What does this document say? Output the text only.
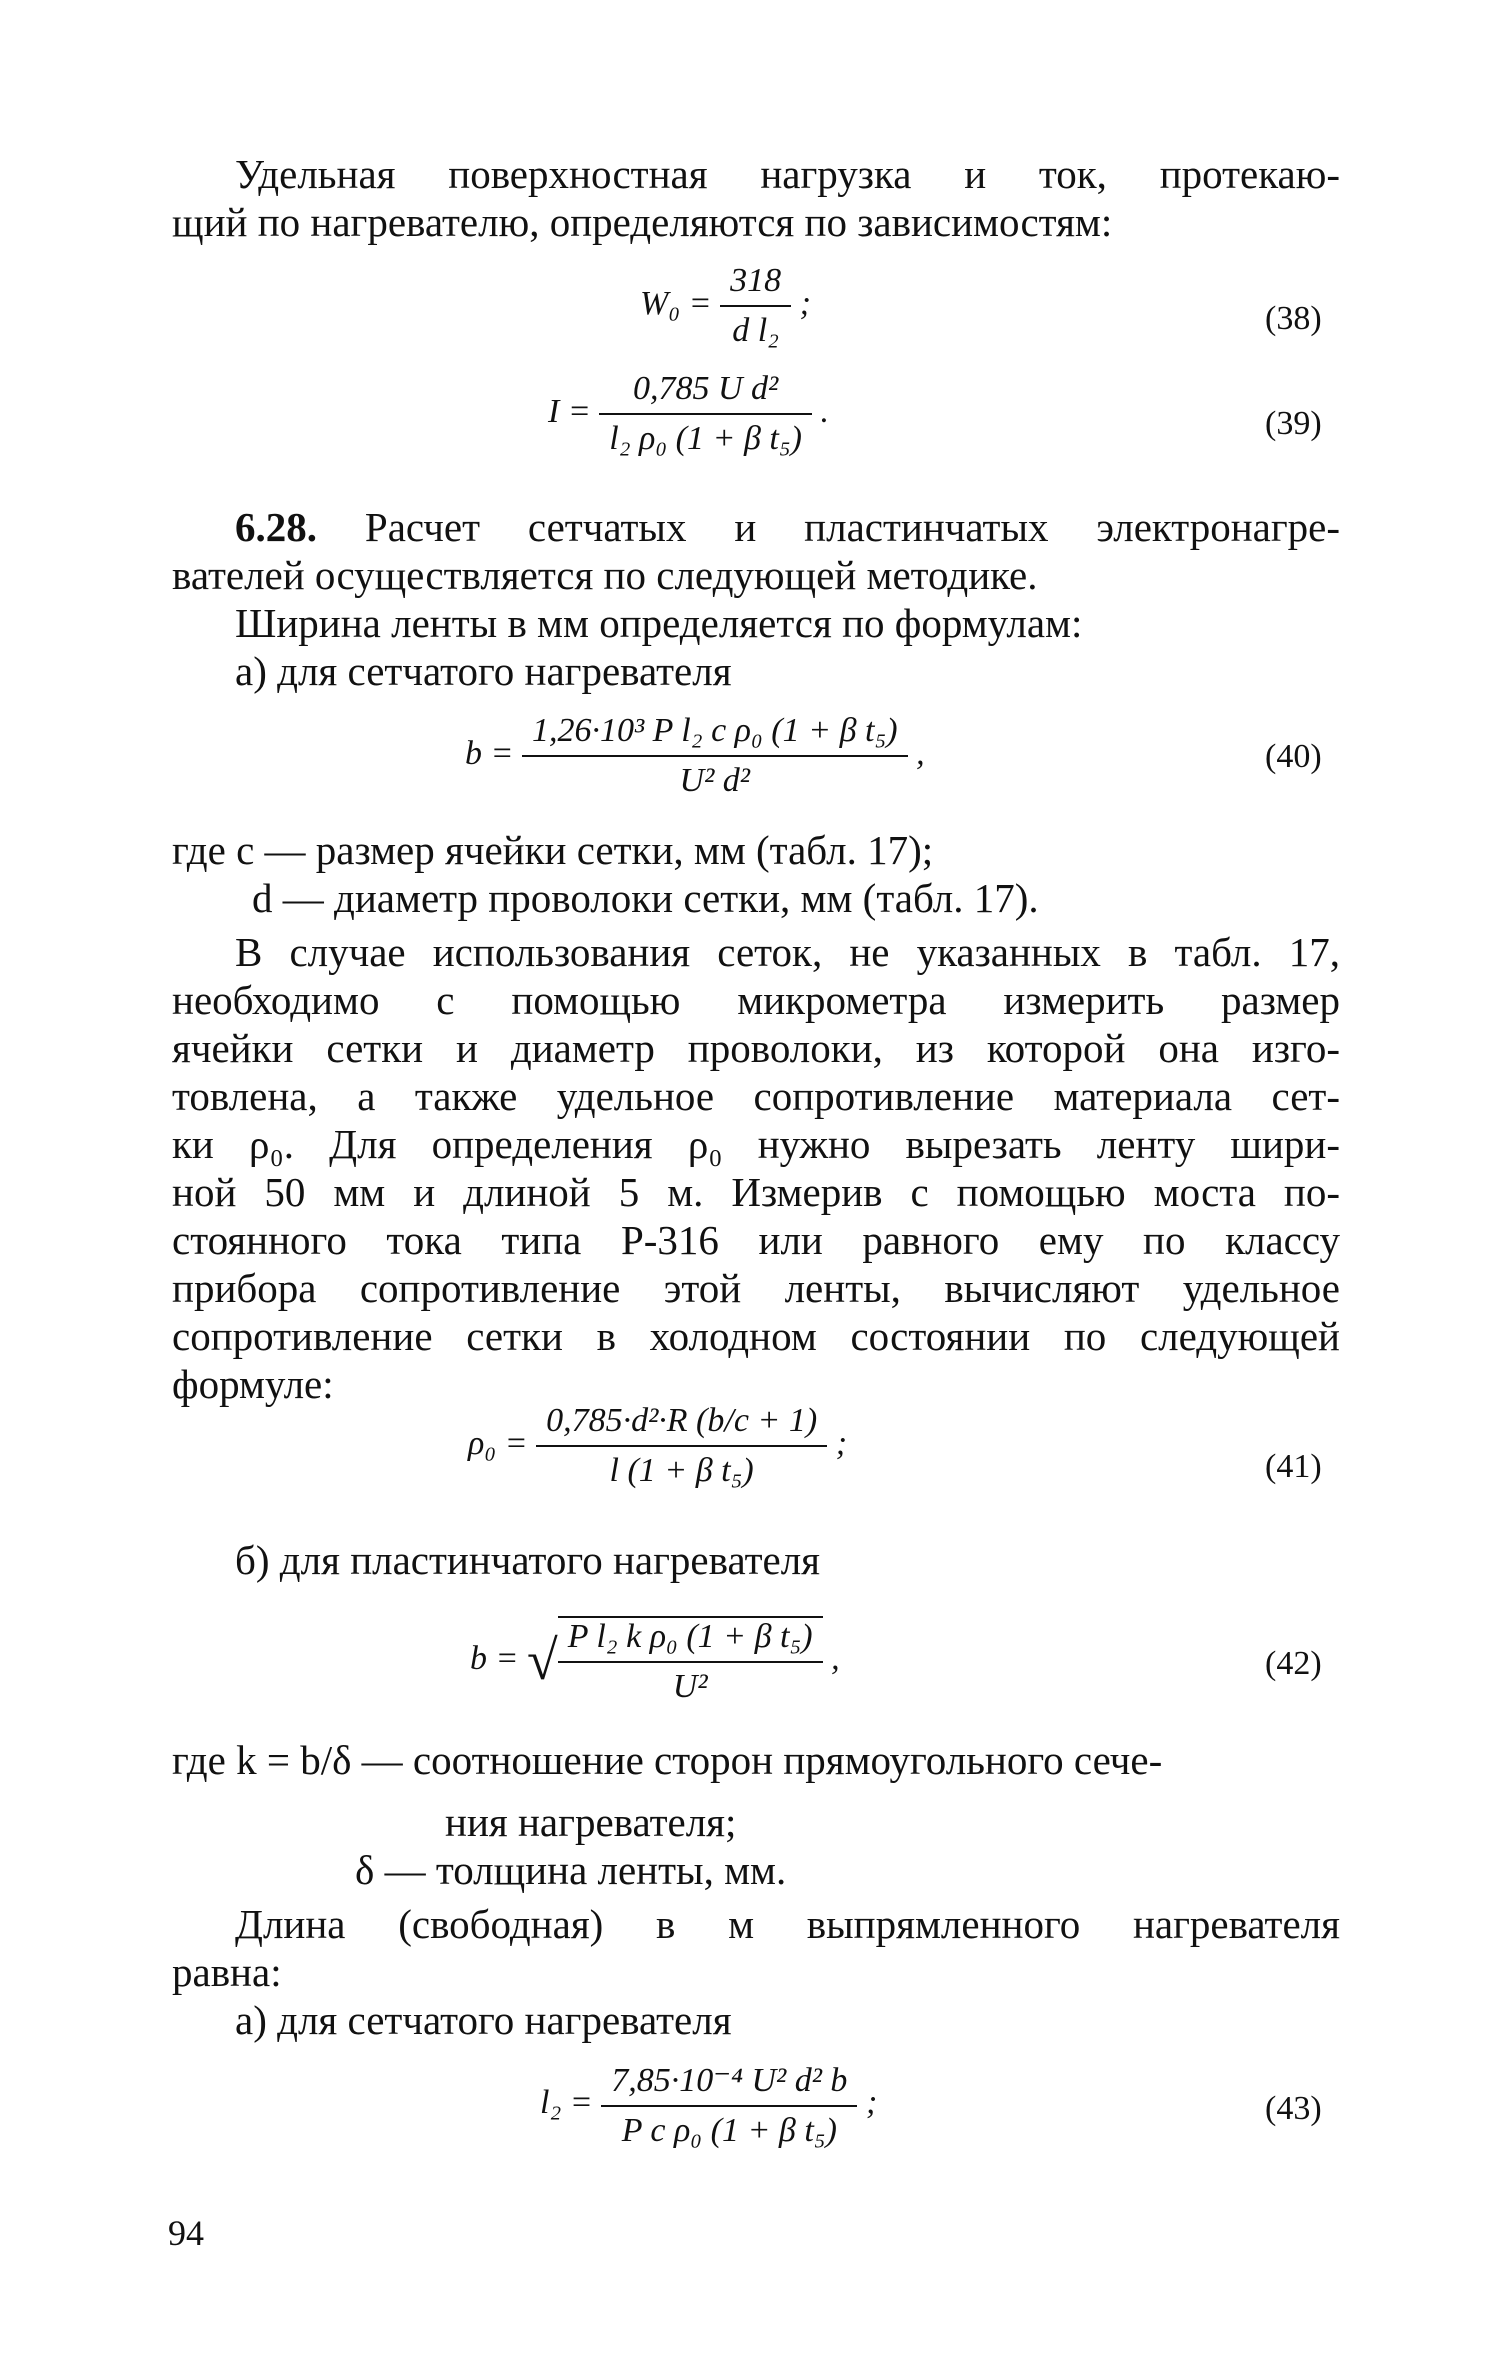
Удельная поверхностная нагрузка и ток, протекаю-
щий по нагревателю, определяются по зависимостям:
$W_0 = \frac{318}{\text{d l₂}}$ ;	(38)
$I = \frac{\text{0,785 U d²}}{\text{l₂ ρ₀ (1 + β t₅)}}$ .	(39)
6.28. Расчет сетчатых и пластинчатых электронагре-
вателей осуществляется по следующей методике.
Ширина ленты в мм определяется по формулам:
а) для сетчатого нагревателя
$b = \frac{\text{1,26·10³ P l₂ c ρ₀ (1 + β t₅)}}{\text{U² d²}}$ ,	(40)
где c — размер ячейки сетки, мм (табл. 17);
d — диаметр проволоки сетки, мм (табл. 17).
В случае использования сеток, не указанных в табл. 17,
необходимо с помощью микрометра измерить размер
ячейки сетки и диаметр проволоки, из которой она изго-
товлена, а также удельное сопротивление материала сет-
ки ρ₀. Для определения ρ₀ нужно вырезать ленту шири-
ной 50 мм и длиной 5 м. Измерив с помощью моста по-
стоянного тока типа Р-316 или равного ему по классу
прибора сопротивление этой ленты, вычисляют удельное
сопротивление сетки в холодном состоянии по следующей
формуле:
$\rho_0 = \frac{\text{0,785·d²·R (b/c + 1)}}{\text{l (1 + β t₅)}}$ ;
(41)
б) для пластинчатого нагревателя
b = √ $\frac{\text{P l₂ k ρ₀ (1 + β t₅)}}{\text{U²}}$ ,	(42)
где k = b/δ — соотношение сторон прямоугольного сече-
ния нагревателя;
δ — толщина ленты, мм.
Длина (свободная) в м выпрямленного нагревателя
равна:
а) для сетчатого нагревателя
$l_2 = \frac{\text{7,85·10⁻⁴ U² d² b}}{\text{P c ρ₀ (1 + β t₅)}}$ ;	(43)
94
